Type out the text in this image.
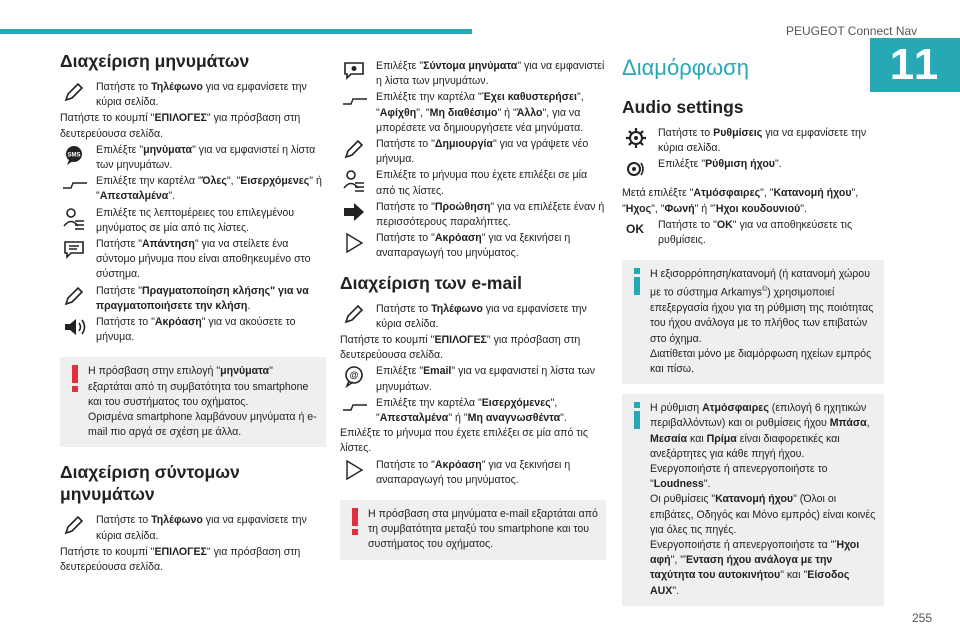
PEUGEOT Connect Nav
11
255
Διαχείριση μηνυμάτων
Πατήστε το Τηλέφωνο για να εμφανίσετε την κύρια σελίδα.

Πατήστε το κουμπί "ΕΠΙΛΟΓΕΣ" για πρόσβαση στη δευτερεύουσα σελίδα.

SMS Επιλέξτε "μηνύματα" για να εμφανιστεί η λίστα των μηνυμάτων.
Επιλέξτε την καρτέλα "Όλες", "Εισερχόμενες" ή "Απεσταλμένα".
Επιλέξτε τις λεπτομέρειες του επιλεγμένου μηνύματος σε μία από τις λίστες.
Πατήστε "Απάντηση" για να στείλετε ένα σύντομο μήνυμα που είναι αποθηκευμένο στο σύστημα.
Πατήστε "Πραγματοποίηση κλήσης" για να πραγματοποιήσετε την κλήση.
Πατήστε το "Ακρόαση" για να ακούσετε το μήνυμα.

Η πρόσβαση στην επιλογή "μηνύματα" εξαρτάται από τη συμβατότητα του smartphone και του συστήματος του οχήματος.

Ορισμένα smartphone λαμβάνουν μηνύματα ή e-mail πιο αργά σε σχέση με άλλα.

Διαχείριση σύντομων μηνυμάτων
Πατήστε το Τηλέφωνο για να εμφανίσετε την κύρια σελίδα.

Πατήστε το κουμπί "ΕΠΙΛΟΓΕΣ" για πρόσβαση στη δευτερεύουσα σελίδα.

Επιλέξτε "Σύντομα μηνύματα" για να εμφανιστεί η λίστα των μηνυμάτων.
Επιλέξτε την καρτέλα "Έχει καθυστερήσει", "Αφίχθη", "Μη διαθέσιμο" ή "Άλλο", για να μπορέσετε να δημιουργήσετε νέα μηνύματα.
Πατήστε το "Δημιουργία" για να γράψετε νέο μήνυμα.
Επιλέξτε το μήνυμα που έχετε επιλέξει σε μία από τις λίστες.
Πατήστε το "Προώθηση" για να επιλέξετε έναν ή περισσότερους παραλήπτες.
Πατήστε το "Ακρόαση" για να ξεκινήσει η αναπαραγωγή του μηνύματος.
Διαχείριση των e-mail
Πατήστε το Τηλέφωνο για να εμφανίσετε την κύρια σελίδα.

Πατήστε το κουμπί "ΕΠΙΛΟΓΕΣ" για πρόσβαση στη δευτερεύουσα σελίδα.

@ Επιλέξτε "Email" για να εμφανιστεί η λίστα των μηνυμάτων.
Επιλέξτε την καρτέλα "Εισερχόμενες", "Απεσταλμένα" ή "Μη αναγνωσθέντα".

Επιλέξτε το μήνυμα που έχετε επιλέξει σε μία από τις λίστες.

Πατήστε το "Ακρόαση" για να ξεκινήσει η αναπαραγωγή του μηνύματος.

Η πρόσβαση στα μηνύματα e-mail εξαρτάται από τη συμβατότητα μεταξύ του smartphone και του συστήματος του οχήματος.

Διαμόρφωση
Audio settings
Πατήστε το Ρυθμίσεις για να εμφανίσετε την κύρια σελίδα.
Επιλέξτε "Ρύθμιση ήχου".

Μετά επιλέξτε "Ατμόσφαιρες", "Κατανομή ήχου", "Ηχος", "Φωνή" ή "Ήχοι κουδουνιού".

OK Πατήστε το "OK" για να αποθηκεύσετε τις ρυθμίσεις.

Η εξισορρόπηση/κατανομή (ή κατανομή χώρου με το σύστημα Arkamys©) χρησιμοποιεί επεξεργασία ήχου για τη ρύθμιση της ποιότητας του ήχου ανάλογα με το πλήθος των επιβατών στο όχημα.

Διατίθεται μόνο με διαμόρφωση ηχείων εμπρός και πίσω.

Η ρύθμιση Ατμόσφαιρες (επιλογή 6 ηχητικών περιβαλλόντων) και οι ρυθμίσεις ήχου Μπάσα, Μεσαία και Πρίμα είναι διαφορετικές και ανεξάρτητες για κάθε πηγή ήχου.

Ενεργοποιήστε ή απενεργοποιήστε το "Loudness".

Οι ρυθμίσεις "Κατανομή ήχου" (Όλοι οι επιβάτες, Οδηγός και Μόνο εμπρός) είναι κοινές για όλες τις πηγές.

Ενεργοποιήστε ή απενεργοποιήστε τα "Ήχοι αφή", "Ένταση ήχου ανάλογα με την ταχύτητα του αυτοκινήτου" και "Είσοδος AUX".
